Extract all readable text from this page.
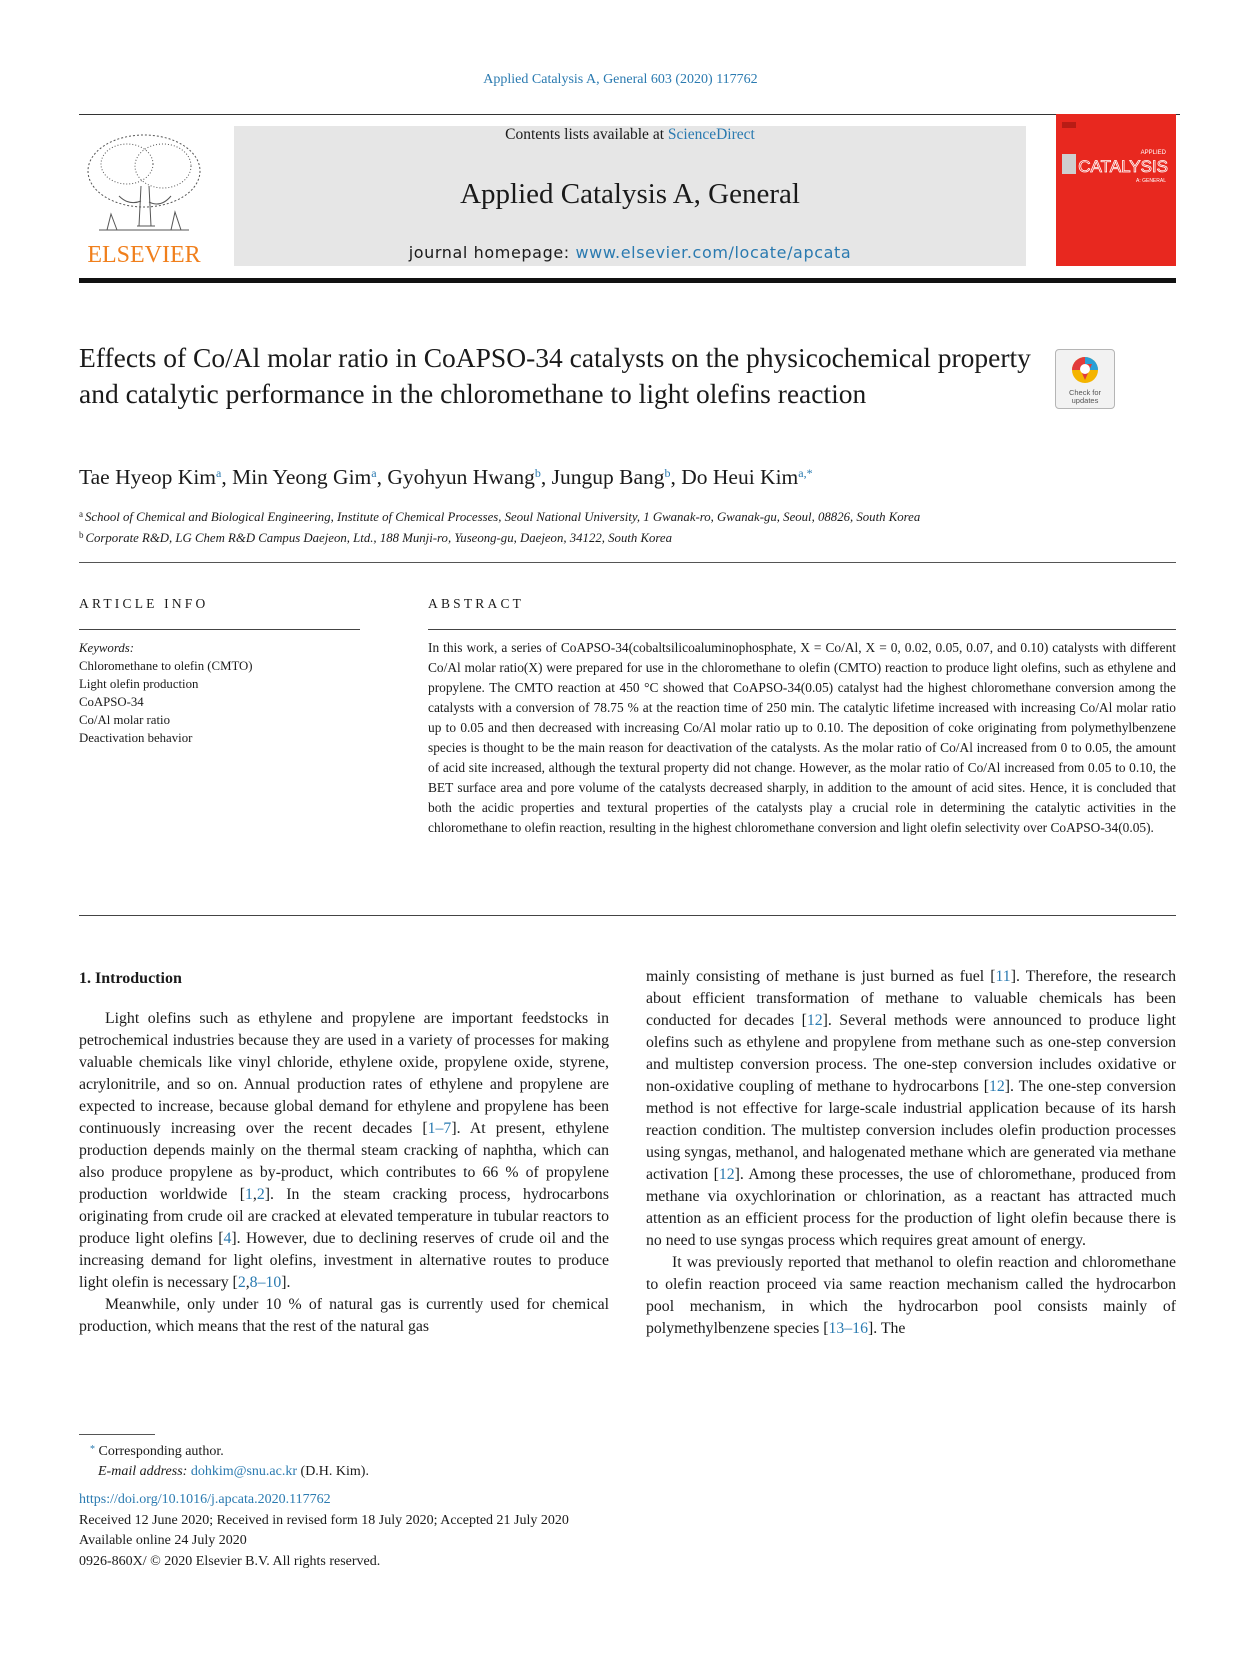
Applied Catalysis A, General 603 (2020) 117762
ELSEVIER
Contents lists available at ScienceDirect
Applied Catalysis A, General
journal homepage: www.elsevier.com/locate/apcata
APPLIED
CATALYSIS
A: GENERAL
Effects of Co/Al molar ratio in CoAPSO-34 catalysts on the physicochemical property and catalytic performance in the chloromethane to light olefins reaction	Check for
updates
Tae Hyeop Kim$^a$, Min Yeong Gim$^a$, Gyohyun Hwang$^b$, Jungup Bang$^b$, Do Heui Kim$^{a,*}$
$^a$ School of Chemical and Biological Engineering, Institute of Chemical Processes, Seoul National University, 1 Gwanak-ro, Gwanak-gu, Seoul, 08826, South Korea
$^b$ Corporate R&D, LG Chem R&D Campus Daejeon, Ltd., 188 Munji-ro, Yuseong-gu, Daejeon, 34122, South Korea
ARTICLE INFO	ABSTRACT
Keywords:
Chloromethane to olefin (CMTO)
Light olefin production
CoAPSO-34
Co/Al molar ratio
Deactivation behavior
In this work, a series of CoAPSO-34(cobaltsilicoaluminophosphate, X = Co/Al, X = 0, 0.02, 0.05, 0.07, and 0.10) catalysts with different Co/Al molar ratio(X) were prepared for use in the chloromethane to olefin (CMTO) reaction to produce light olefins, such as ethylene and propylene. The CMTO reaction at 450 °C showed that CoAPSO-34(0.05) catalyst had the highest chloromethane conversion among the catalysts with a conversion of 78.75 % at the reaction time of 250 min. The catalytic lifetime increased with increasing Co/Al molar ratio up to 0.05 and then decreased with increasing Co/Al molar ratio up to 0.10. The deposition of coke originating from polymethylbenzene species is thought to be the main reason for deactivation of the catalysts. As the molar ratio of Co/Al increased from 0 to 0.05, the amount of acid site increased, although the textural property did not change. However, as the molar ratio of Co/Al increased from 0.05 to 0.10, the BET surface area and pore volume of the catalysts decreased sharply, in addition to the amount of acid sites. Hence, it is concluded that both the acidic properties and textural properties of the catalysts play a crucial role in determining the catalytic activities in the chloromethane to olefin reaction, resulting in the highest chloromethane conversion and light olefin selectivity over CoAPSO-34(0.05).
1. Introduction

Light olefins such as ethylene and propylene are important feedstocks in petrochemical industries because they are used in a variety of processes for making valuable chemicals like vinyl chloride, ethylene oxide, propylene oxide, styrene, acrylonitrile, and so on. Annual production rates of ethylene and propylene are expected to increase, because global demand for ethylene and propylene has been continuously increasing over the recent decades [1–7]. At present, ethylene production depends mainly on the thermal steam cracking of naphtha, which can also produce propylene as by-product, which contributes to 66 % of propylene production worldwide [1,2]. In the steam cracking process, hydrocarbons originating from crude oil are cracked at elevated temperature in tubular reactors to produce light olefins [4]. However, due to declining reserves of crude oil and the increasing demand for light olefins, investment in alternative routes to produce light olefin is necessary [2,8–10].

Meanwhile, only under 10 % of natural gas is currently used for chemical production, which means that the rest of the natural gas

mainly consisting of methane is just burned as fuel [11]. Therefore, the research about efficient transformation of methane to valuable chemicals has been conducted for decades [12]. Several methods were announced to produce light olefins such as ethylene and propylene from methane such as one-step conversion and multistep conversion process. The one-step conversion includes oxidative or non-oxidative coupling of methane to hydrocarbons [12]. The one-step conversion method is not effective for large-scale industrial application because of its harsh reaction condition. The multistep conversion includes olefin production processes using syngas, methanol, and halogenated methane which are generated via methane activation [12]. Among these processes, the use of chloromethane, produced from methane via oxychlorination or chlorination, as a reactant has attracted much attention as an efficient process for the production of light olefin because there is no need to use syngas process which requires great amount of energy.

It was previously reported that methanol to olefin reaction and chloromethane to olefin reaction proceed via same reaction mechanism called the hydrocarbon pool mechanism, in which the hydrocarbon pool consists mainly of polymethylbenzene species [13–16]. The

* Corresponding author.
E-mail address: dohkim@snu.ac.kr (D.H. Kim).
https://doi.org/10.1016/j.apcata.2020.117762
Received 12 June 2020; Received in revised form 18 July 2020; Accepted 21 July 2020
Available online 24 July 2020
0926-860X/ © 2020 Elsevier B.V. All rights reserved.
